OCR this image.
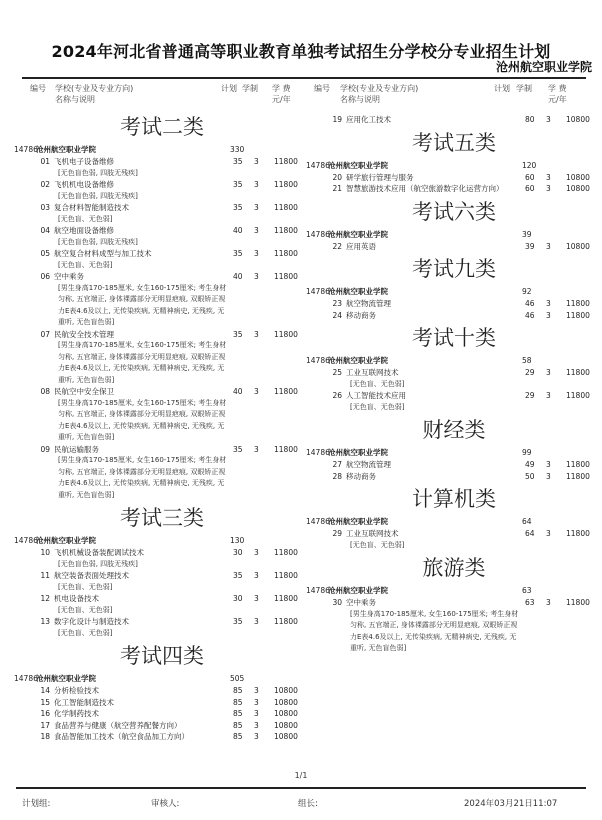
2024年河北省普通高等职业教育单独考试招生分学校分专业招生计划
沧州航空职业学院
编号 学校(专业及专业方向)
名称与说明
计划 学制 学 费
元/年
编号 学校(专业及专业方向)
名称与说明
计划 学制 学 费
元/年
考试二类
14786
沧州航空职业学院	330
01 飞机电子设备维修
[无色盲色弱, 四肢无残疾]
35	3 11800
02 飞机机电设备维修
[无色盲色弱, 四肢无残疾]
35	3 11800
03 复合材料智能制造技术
[无色盲、无色弱]
35	3 11800
04 航空地面设备维修
[无色盲色弱, 四肢无残疾]
40	3 11800
05 航空复合材料成型与加工技术
[无色盲、无色弱]
35	3 11800
06 空中乘务
[男生身高170-185厘米, 女生160-175厘米; 考生身材匀称, 五官端正, 身体裸露部分无明显疤痕, 双眼矫正视力E表4.6及以上, 无传染疾病, 无精神病史, 无残疾, 无重听, 无色盲色弱]
40	3 11800
07 民航安全技术管理
[男生身高170-185厘米, 女生160-175厘米; 考生身材匀称, 五官端正, 身体裸露部分无明显疤痕, 双眼矫正视力E表4.6及以上, 无传染疾病, 无精神病史, 无残疾, 无重听, 无色盲色弱]
35	3 11800
08 民航空中安全保卫
[男生身高170-185厘米, 女生160-175厘米; 考生身材匀称, 五官端正, 身体裸露部分无明显疤痕, 双眼矫正视力E表4.6及以上, 无传染疾病, 无精神病史, 无残疾, 无重听, 无色盲色弱]
40	3 11800
09 民航运输服务
[男生身高170-185厘米, 女生160-175厘米; 考生身材匀称, 五官端正, 身体裸露部分无明显疤痕, 双眼矫正视力E表4.6及以上, 无传染疾病, 无精神病史, 无残疾, 无重听, 无色盲色弱]
35	3 11800
考试三类
14786
沧州航空职业学院	130
10 飞机机械设备装配调试技术
[无色盲色弱, 四肢无残疾]
30	3 11800
11 航空装备表面处理技术
[无色盲、无色弱]
35	3 11800
12 机电设备技术
[无色盲、无色弱]
30	3 11800
13 数字化设计与制造技术
[无色盲、无色弱]
35	3 11800
考试四类
14786
沧州航空职业学院	505
14 分析检验技术	85	3 10800
15 化工智能制造技术	85	3 10800
16 化学制药技术	85	3 10800
17 食品营养与健康（航空营养配餐方向）	85	3 10800
18 食品智能加工技术（航空食品加工方向）	85	3 10800
19 应用化工技术	80	3 10800
考试五类
14786
沧州航空职业学院	120
20 研学旅行管理与服务	60	3 10800
21 智慧旅游技术应用（航空旅游数字化运营方向）	60	3 10800
考试六类
14786
沧州航空职业学院	39
22 应用英语	39	3 10800
考试九类
14786
沧州航空职业学院	92
23 航空物流管理	46	3 11800
24 移动商务	46	3 11800
考试十类
14786
沧州航空职业学院	58
25 工业互联网技术
[无色盲、无色弱]
29	3 11800
26 人工智能技术应用
[无色盲、无色弱]
29	3 11800
财经类
14786
沧州航空职业学院	99
27 航空物流管理	49	3 11800
28 移动商务	50	3 11800
计算机类
14786
沧州航空职业学院	64
29 工业互联网技术
[无色盲、无色弱]
64	3 11800
旅游类
14786
沧州航空职业学院	63
30 空中乘务
[男生身高170-185厘米, 女生160-175厘米; 考生身材匀称, 五官端正, 身体裸露部分无明显疤痕, 双眼矫正视力E表4.6及以上, 无传染疾病, 无精神病史, 无残疾, 无重听, 无色盲色弱]
63	3 11800
1/1
计划组:	审核人:	组长:	2024年03月21日11:07
